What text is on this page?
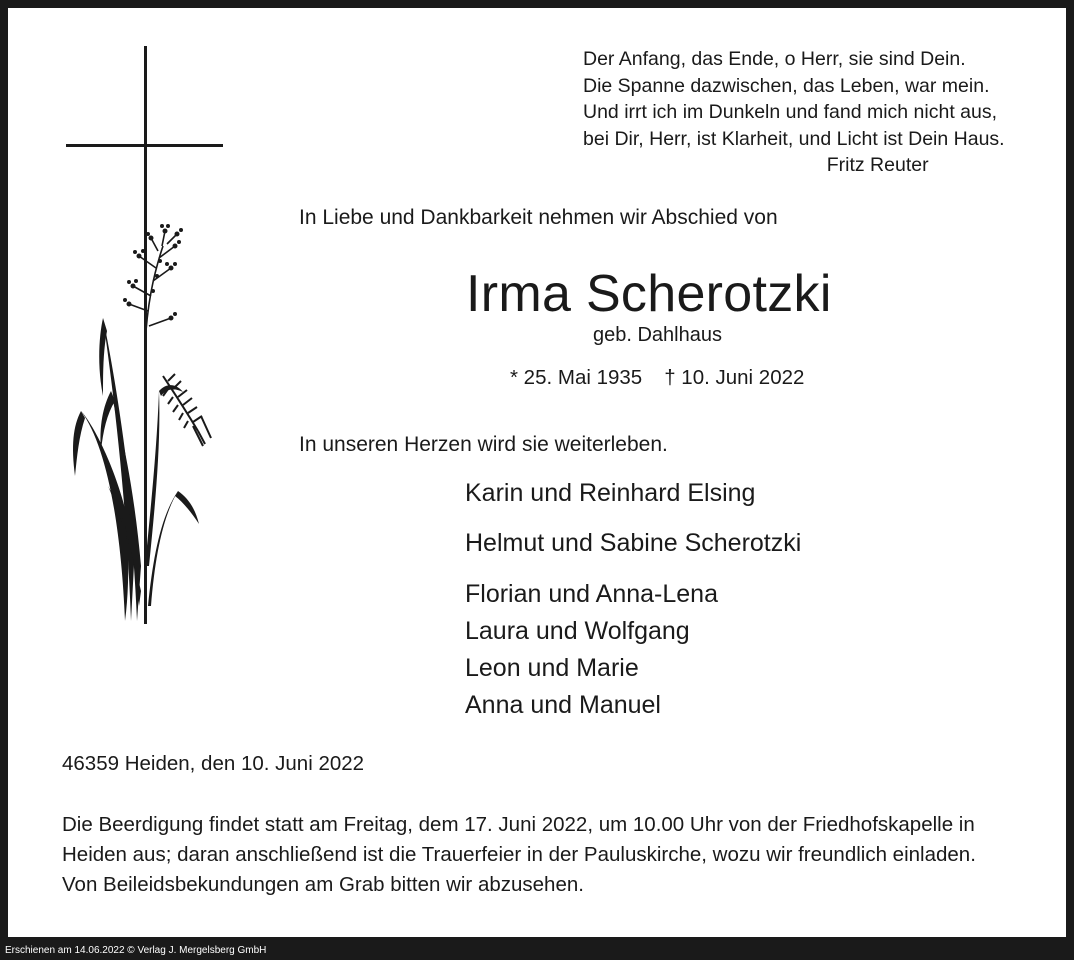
Der Anfang, das Ende, o Herr, sie sind Dein.
Die Spanne dazwischen, das Leben, war mein.
Und irrt ich im Dunkeln und fand mich nicht aus,
bei Dir, Herr, ist Klarheit, und Licht ist Dein Haus.
Fritz Reuter
In Liebe und Dankbarkeit nehmen wir Abschied von
Irma Scherotzki
geb. Dahlhaus
* 25. Mai 1935 † 10. Juni 2022
In unseren Herzen wird sie weiterleben.
Karin und Reinhard Elsing
Helmut und Sabine Scherotzki
Florian und Anna-Lena
Laura und Wolfgang
Leon und Marie
Anna und Manuel
46359 Heiden, den 10. Juni 2022
Die Beerdigung findet statt am Freitag, dem 17. Juni 2022, um 10.00 Uhr von der Friedhofskapelle in
Heiden aus; daran anschließend ist die Trauerfeier in der Pauluskirche, wozu wir freundlich einladen.
Von Beileidsbekundungen am Grab bitten wir abzusehen.
Erschienen am 14.06.2022 © Verlag J. Mergelsberg GmbH
